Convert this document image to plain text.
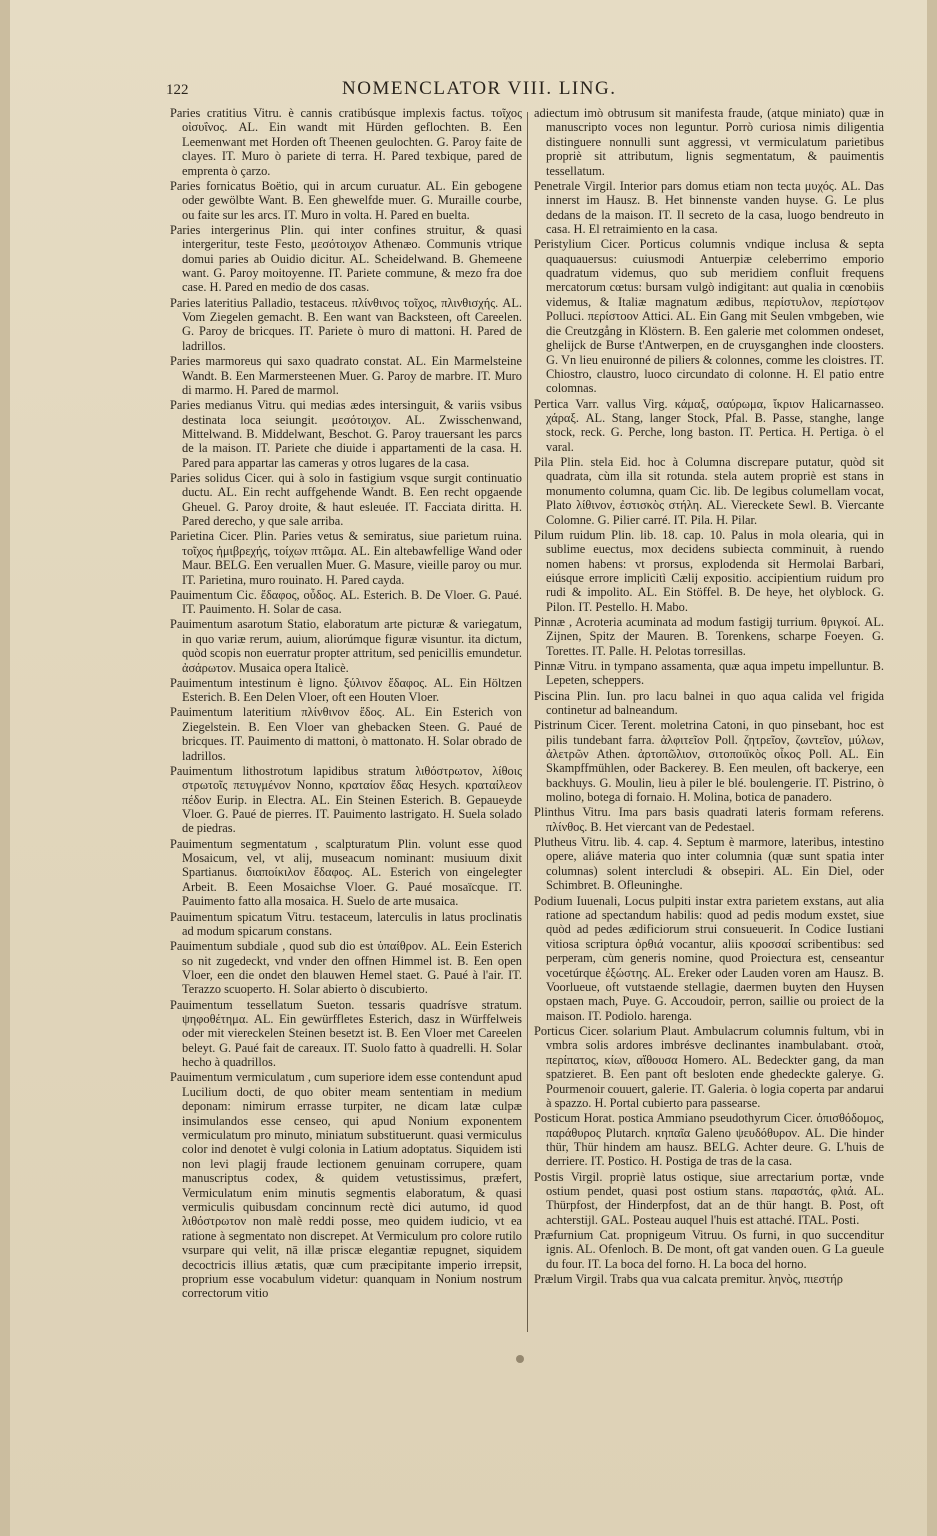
122	NOMENCLATOR VIII. LING.

Paries cratitius Vitru. è cannis cratibúsque implexis factus. τοῖχος οἰσυΐνος. AL. Ein wandt mit Hürden geflochten. B. Een Leemenwant met Horden oft Theenen geulochten. G. Paroy faite de clayes. IT. Muro ò pariete di terra. H. Pared texbique, pared de emprenta ò çarzo.

Paries fornicatus Boëtio, qui in arcum curuatur. AL. Ein gebogene oder gewölbte Want. B. Een ghewelfde muer. G. Muraille courbe, ou faite sur les arcs. IT. Muro in volta. H. Pared en buelta.

Paries intergerinus Plin. qui inter confines struitur, & quasi intergeritur, teste Festo, μεσότοιχον Athenæo. Communis vtrique domui paries ab Ouidio dicitur. AL. Scheidelwand. B. Ghemeene want. G. Paroy moitoyenne. IT. Pariete commune, & mezo fra doe case. H. Pared en medio de dos casas.

Paries lateritius Palladio, testaceus. πλίνθινος τοῖχος, πλινθισχής. AL. Vom Ziegelen gemacht. B. Een want van Backsteen, oft Careelen. G. Paroy de bricques. IT. Pariete ò muro di mattoni. H. Pared de ladrillos.

Paries marmoreus qui saxo quadrato constat. AL. Ein Marmelsteine Wandt. B. Een Marmersteenen Muer. G. Paroy de marbre. IT. Muro di marmo. H. Pared de marmol.

Paries medianus Vitru. qui medias ædes intersinguit, & variis vsibus destinata loca seiungit. μεσότοιχον. AL. Zwisschenwand, Mittelwand. B. Middelwant, Beschot. G. Paroy trauersant les parcs de la maison. IT. Pariete che diuide i appartamenti de la casa. H. Pared para appartar las cameras y otros lugares de la casa.

Paries solidus Cicer. qui à solo in fastigium vsque surgit continuatio ductu. AL. Ein recht auffgehende Wandt. B. Een recht opgaende Gheuel. G. Paroy droite, & haut esleuée. IT. Facciata diritta. H. Pared derecho, y que sale arriba.

Parietina Cicer. Plin. Paries vetus & semiratus, siue parietum ruina. τοῖχος ἡμιβρεχής, τοίχων πτῶμα. AL. Ein altebawfellige Wand oder Maur. BELG. Een veruallen Muer. G. Masure, vieille paroy ou mur. IT. Parietina, muro rouinato. H. Pared cayda.

Pauimentum Cic. ἔδαφος, οὖδος. AL. Esterich. B. De Vloer. G. Paué. IT. Pauimento. H. Solar de casa.

Pauimentum asarotum Statio, elaboratum arte picturæ & variegatum, in quo variæ rerum, auium, aliorúmque figuræ visuntur. ita dictum, quòd scopis non euerratur propter attritum, sed penicillis emundetur. ἀσάρωτον. Musaica opera Italicè.

Pauimentum intestinum è ligno. ξύλινον ἔδαφος. AL. Ein Höltzen Esterich. B. Een Delen Vloer, oft een Houten Vloer.

Pauimentum lateritium πλίνθινον ἔδος. AL. Ein Esterich von Ziegelstein. B. Een Vloer van ghebacken Steen. G. Paué de bricques. IT. Pauimento di mattoni, ò mattonato. H. Solar obrado de ladrillos.

Pauimentum lithostrotum lapidibus stratum λιθόστρωτον, λίθοις στρωτοῖς πετυγμένον Nonno, κραταίον ἔδας Hesych. κραταίλεον πέδον Eurip. in Electra. AL. Ein Steinen Esterich. B. Gepaueyde Vloer. G. Paué de pierres. IT. Pauimento lastrigato. H. Suela solado de piedras.

Pauimentum segmentatum , scalpturatum Plin. volunt esse quod Mosaicum, vel, vt alij, museacum nominant: musiuum dixit Spartianus. διαποίκιλον ἔδαφος. AL. Esterich von eingelegter Arbeit. B. Eeen Mosaichse Vloer. G. Paué mosaïcque. IT. Pauimento fatto alla mosaica. H. Suelo de arte musaica.

Pauimentum spicatum Vitru. testaceum, laterculis in latus proclinatis ad modum spicarum constans.

Pauimentum subdiale , quod sub dio est ὑπαίθρον. AL. Eein Esterich so nit zugedeckt, vnd vnder den offnen Himmel ist. B. Een open Vloer, een die ondet den blauwen Hemel staet. G. Paué à l'air. IT. Terazzo scuoperto. H. Solar abierto ò discubierto.

Pauimentum tessellatum Sueton. tessaris quadrísve stratum. ψηφοθέτημα. AL. Ein gewürffletes Esterich, dasz in Würffelweis oder mit viereckelen Steinen besetzt ist. B. Een Vloer met Careelen beleyt. G. Paué fait de careaux. IT. Suolo fatto à quadrelli. H. Solar hecho à quadrillos.

Pauimentum vermiculatum , cum superiore idem esse contendunt apud Lucilium docti, de quo obiter meam sententiam in medium deponam: nimirum errasse turpiter, ne dicam latæ culpæ insimulandos esse censeo, qui apud Nonium exponentem vermiculatum pro minuto, miniatum substituerunt. quasi vermiculus color ind denotet è vulgi colonia in Latium adoptatus. Siquidem isti non levi plagij fraude lectionem genuinam corrupere, quam manuscriptus codex, & quidem vetustissimus, præfert, Vermiculatum enim minutis segmentis elaboratum, & quasi vermiculis quibusdam concinnum rectè dici autumo, id quod λιθόστρωτον non malè reddi posse, meo quidem iudicio, vt ea ratione à segmentato non discrepet. At Vermiculum pro colore rutilo vsurpare qui velit, nā illæ priscæ elegantiæ repugnet, siquidem decoctricis illius ætatis, quæ cum præcipitante imperio irrepsit, proprium esse vocabulum videtur: quanquam in Nonium nostrum correctorum vitio

adiectum imò obtrusum sit manifesta fraude, (atque miniato) quæ in manuscripto voces non leguntur. Porrò curiosa nimis diligentia distinguere nonnulli sunt aggressi, vt vermiculatum parietibus propriè sit attributum, lignis segmentatum, & pauimentis tessellatum.

Penetrale Virgil. Interior pars domus etiam non tecta μυχός. AL. Das innerst im Hausz. B. Het binnenste vanden huyse. G. Le plus dedans de la maison. IT. Il secreto de la casa, luogo bendreuto in casa. H. El retraimiento en la casa.

Peristylium Cicer. Porticus columnis vndique inclusa & septa quaquauersus: cuiusmodi Antuerpiæ celeberrimo emporio quadratum videmus, quo sub meridiem confluit frequens mercatorum cœtus: bursam vulgò indigitant: aut qualia in cœnobiis videmus, & Italiæ magnatum ædibus, περίστυλον, περίστῳον Polluci. περίστοον Attici. AL. Ein Gang mit Seulen vmbgeben, wie die Creutzgång in Klöstern. B. Een galerie met colommen ondeset, ghelijck de Burse t'Antwerpen, en de cruysganghen inde cloosters. G. Vn lieu enuironné de piliers & colonnes, comme les cloistres. IT. Chiostro, claustro, luoco circundato di colonne. H. El patio entre colomnas.

Pertica Varr. vallus Virg. κάμαξ, σαύρωμα, ἴκριον Halicarnasseo. χάραξ. AL. Stang, langer Stock, Pfal. B. Passe, stanghe, lange stock, reck. G. Perche, long baston. IT. Pertica. H. Pertiga. ò el varal.

Pila Plin. stela Eid. hoc à Columna discrepare putatur, quòd sit quadrata, cùm illa sit rotunda. stela autem propriè est stans in monumento columna, quam Cic. lib. De legibus columellam vocat, Plato λίθινον, ἐστισκὸς στήλη. AL. Viereckete Sewl. B. Viercante Colomne. G. Pilier carré. IT. Pila. H. Pilar.

Pilum ruidum Plin. lib. 18. cap. 10. Palus in mola olearia, qui in sublime euectus, mox decidens subiecta comminuit, à ruendo nomen habens: vt prorsus, explodenda sit Hermolai Barbari, eiúsque errore implicitì Cælij expositio. accipientium ruidum pro rudi & impolito. AL. Ein Stöffel. B. De heye, het olyblock. G. Pilon. IT. Pestello. H. Mabo.

Pinnæ , Acroteria acuminata ad modum fastigij turrium. θριγκοί. AL. Zijnen, Spitz der Mauren. B. Torenkens, scharpe Foeyen. G. Torettes. IT. Palle. H. Pelotas torresillas.

Pinnæ Vitru. in tympano assamenta, quæ aqua impetu impelluntur. B. Lepeten, scheppers.

Piscina Plin. Iun. pro lacu balnei in quo aqua calida vel frigida continetur ad balneandum.

Pistrinum Cicer. Terent. moletrina Catoni, in quo pinsebant, hoc est pilis tundebant farra. ἀλφιτεῖον Poll. ζητρεῖον, ζωντεῖον, μύλων, ἀλετρῶν Athen. ἀρτοπῶλιον, σιτοποιϊκὸς οἶκος Poll. AL. Ein Skampffmühlen, oder Backerey. B. Een meulen, oft backerye, een backhuys. G. Moulin, lieu à piler le blé. boulengerie. IT. Pistrino, ò molino, botega di fornaio. H. Molina, botica de panadero.

Plinthus Vitru. Ima pars basis quadrati lateris formam referens. πλίνθος. B. Het viercant van de Pedestael.

Plutheus Vitru. lib. 4. cap. 4. Septum è marmore, lateribus, intestino opere, aliáve materia quo inter columnia (quæ sunt spatia inter columnas) solent intercludi & obsepiri. AL. Ein Diel, oder Schimbret. B. Ofleuninghe.

Podium Iuuenali, Locus pulpiti instar extra parietem exstans, aut alia ratione ad spectandum habilis: quod ad pedis modum exstet, siue quòd ad pedes ædificiorum strui consueuerit. In Codice Iustiani vitiosa scriptura ὀρθιά vocantur, aliis κροσσαί scribentibus: sed perperam, cùm generis nomine, quod Proiectura est, censeantur vocetúrque ἐξώστης. AL. Ereker oder Lauden voren am Hausz. B. Voorlueue, oft vutstaende stellagie, daermen buyten den Huysen opstaen mach, Puye. G. Accoudoir, perron, saillie ou proiect de la maison. IT. Podiolo. harenga.

Porticus Cicer. solarium Plaut. Ambulacrum columnis fultum, vbi in vmbra solis ardores imbrésve declinantes inambulabant. στοὰ, περίπατος, κίων, αἴθουσα Homero. AL. Bedeckter gang, da man spatzieret. B. Een pant oft besloten ende ghedeckte galerye. G. Pourmenoir couuert, galerie. IT. Galeria. ò logia coperta par andarui à spazzo. H. Portal cubierto para passearse.

Posticum Horat. postica Ammiano pseudothyrum Cicer. ὀπισθόδομος, παράθυρος Plutarch. κηπαῖα Galeno ψευδόθυρον. AL. Die hinder thür, Thür hindem am hausz. BELG. Achter deure. G. L'huis de derriere. IT. Postico. H. Postiga de tras de la casa.

Postis Virgil. propriè latus ostique, siue arrectarium portæ, vnde ostium pendet, quasi post ostium stans. παραστάς, φλιά. AL. Thürpfost, der Hinderpfost, dat an de thür hangt. B. Post, oft achterstijl. GAL. Posteau auquel l'huis est attaché. ITAL. Posti.

Præfurnium Cat. propnigeum Vitruu. Os furni, in quo succenditur ignis. AL. Ofenloch. B. De mont, oft gat vanden ouen. G La gueule du four. IT. La boca del forno. H. La boca del horno.

Prælum Virgil. Trabs qua vua calcata premitur. ληνὸς, πιεστήρ
